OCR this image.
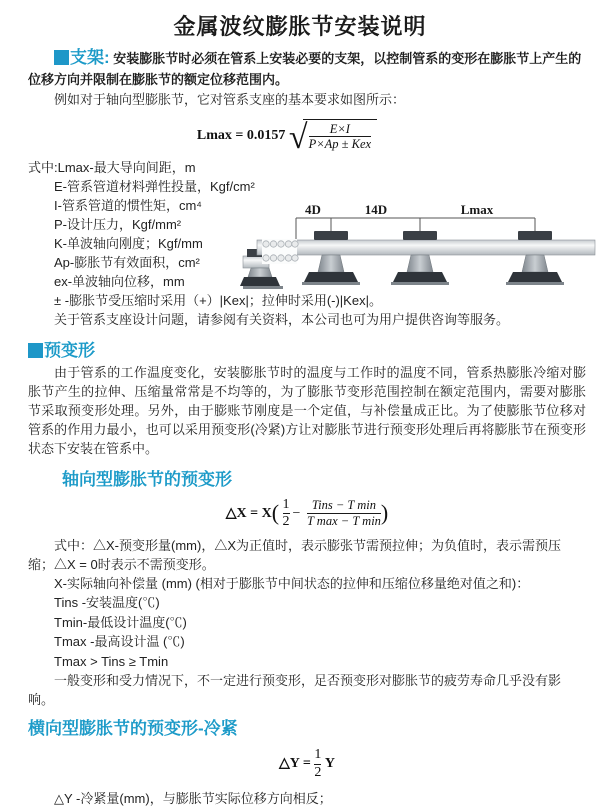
金属波纹膨胀节安装说明

支架: 安装膨胀节时必须在管系上安装必要的支架，以控制管系的变形在膨胀节上产生的位移方向并限制在膨胀节的额定位移范围内。

例如对于轴向型膨胀节，它对管系支座的基本要求如图所示：

Lmax = 0.0157 √ $\frac{E\times I}{\text{P×Ap ± Kex}}$
式中:Lmax-最大导向间距，m
E-管系管道材料弹性投量，Kgf/cm²
I-管系管道的惯性矩，cm⁴
P-设计压力，Kgf/mm²
K-单波轴向刚度；Kgf/mm
Ap-膨胀节有效面积，cm²
ex-单波轴向位移，mm
± -膨胀节受压缩时采用（+）|Kex|；拉伸时采用(-)|Kex|。

关于管系支座设计问题，请参阅有关资料，本公司也可为用户提供咨询等服务。

预变形

由于管系的工作温度变化，安装膨胀节时的温度与工作时的温度不同，管系热膨胀冷缩对膨胀节产生的拉伸、压缩量常常是不均等的，为了膨胀节变形范围控制在额定范围内，需要对膨胀节采取预变形处理。另外，由于膨账节刚度是一个定值，与补偿量成正比。为了使膨胀节位移对管系的作用力最小，也可以采用预变形(冷紧)方让对膨胀节进行预变形处理后再将膨胀节在预变形状态下安装在管系中。

轴向型膨胀节的预变形
△X = $X( \frac{1}{2} - \frac{\text{Tins − T min}}{\text{T max − T min}}$ )

式中：△X-预变形量(mm)，△X为正值时，表示膨张节需预拉伸；为负值时，表示需预压缩；△X = 0时表示不需预变形。

X-实际轴向补偿量 (mm) (相对于膨胀节中间状态的拉伸和压缩位移量绝对值之和)：
Tins -安装温度(℃)
Tmin-最低设计温度(℃)
Tmax -最高设计温 (℃)
Tmax > Tins ≥ Tmin

一般变形和受力情况下，不一定进行预变形，足否预变形对膨胀节的疲劳寿命几乎没有影响。

横向型膨胀节的预变形-冷紧
△Y = $\frac{1}{2}$ Y

△Y -冷紧量(mm)，与膨胀节实际位移方向相反；

4D	14D	Lmax
